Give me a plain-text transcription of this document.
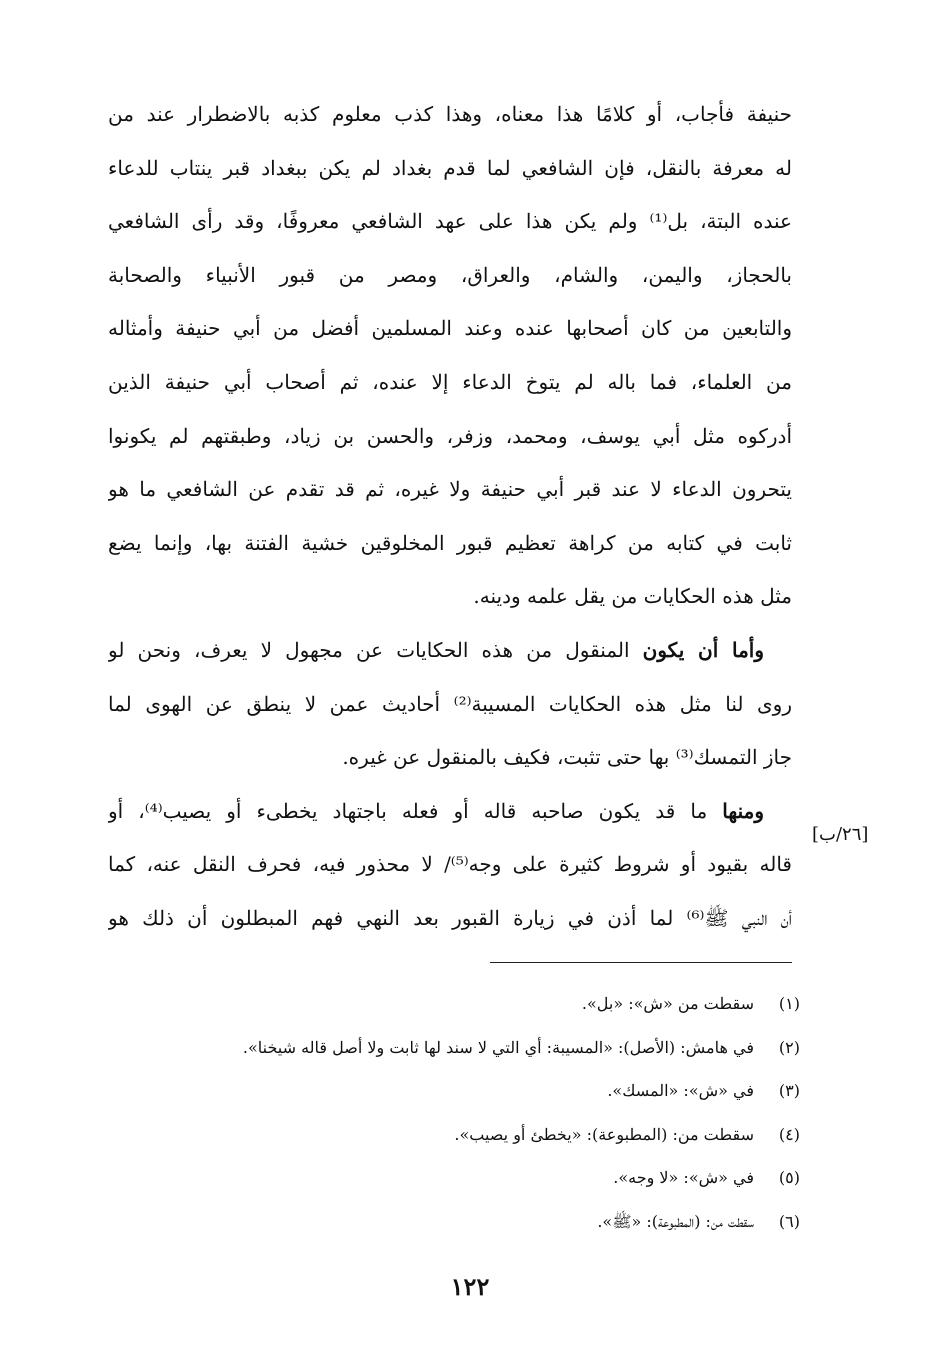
حنيفة فأجاب، أو كلامًا هذا معناه، وهذا كذب معلوم كذبه بالاضطرار عند من
له معرفة بالنقل، فإن الشافعي لما قدم بغداد لم يكن ببغداد قبر ينتاب للدعاء
عنده البتة، بل⁽¹⁾ ولم يكن هذا على عهد الشافعي معروفًا، وقد رأى الشافعي
بالحجاز، واليمن، والشام، والعراق، ومصر من قبور الأنبياء والصحابة
والتابعين من كان أصحابها عنده وعند المسلمين أفضل من أبي حنيفة وأمثاله
من العلماء، فما باله لم يتوخ الدعاء إلا عنده، ثم أصحاب أبي حنيفة الذين
أدركوه مثل أبي يوسف، ومحمد، وزفر، والحسن بن زياد، وطبقتهم لم يكونوا
يتحرون الدعاء لا عند قبر أبي حنيفة ولا غيره، ثم قد تقدم عن الشافعي ما هو
ثابت في كتابه من كراهة تعظيم قبور المخلوقين خشية الفتنة بها، وإنما يضع
مثل هذه الحكايات من يقل علمه ودينه.
وأما أن يكون المنقول من هذه الحكايات عن مجهول لا يعرف، ونحن لو
روى لنا مثل هذه الحكايات المسيبة⁽²⁾ أحاديث عمن لا ينطق عن الهوى لما
جاز التمسك⁽³⁾ بها حتى تثبت، فكيف بالمنقول عن غيره.
ومنها ما قد يكون صاحبه قاله أو فعله باجتهاد يخطىء أو يصيب⁽⁴⁾، أو
قاله بقيود أو شروط كثيرة على وجه⁽⁵⁾/ لا محذور فيه، فحرف النقل عنه، كما
أن النبي ﷺ⁽⁶⁾ لما أذن في زيارة القبور بعد النهي فهم المبطلون أن ذلك هو
[٢٦/ب]
(١)
سقطت من «ش»: «بل».
(٢)
في هامش: (الأصل): «المسيبة: أي التي لا سند لها ثابت ولا أصل قاله شيخنا».
(٣)
في «ش»: «المسك».
(٤)
سقطت من: (المطبوعة): «يخطئ أو يصيب».
(٥)
في «ش»: «لا وجه».
(٦)
سقطت من: (المطبوعة): «ﷺ».
١٢٢
